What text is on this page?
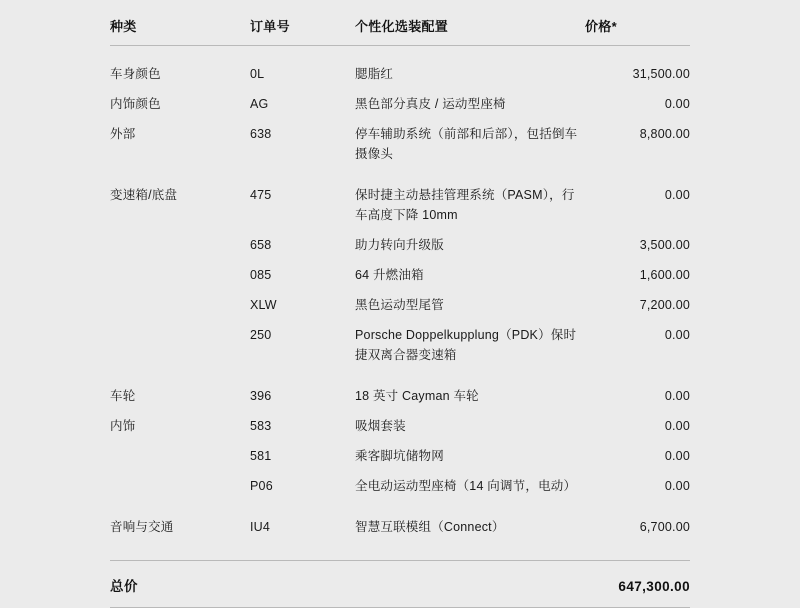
种类	订单号	个性化选装配置	价格*
车身颜色	0L	腮脂红	31,500.00
内饰颜色	AG	黑色部分真皮 / 运动型座椅	0.00
外部	638	停车辅助系统（前部和后部），包括倒车摄像头	8,800.00
变速箱/底盘	475	保时捷主动悬挂管理系统（PASM），行车高度下降 10mm	0.00
	658	助力转向升级版	3,500.00
	085	64 升燃油箱	1,600.00
	XLW	黑色运动型尾管	7,200.00
	250	Porsche Doppelkupplung（PDK）保时捷双离合器变速箱	0.00
车轮	396	18 英寸 Cayman 车轮	0.00
内饰	583	吸烟套装	0.00
	581	乘客脚坑储物网	0.00
	P06	全电动运动型座椅（14 向调节，电动）	0.00
音响与交通	IU4	智慧互联模组（Connect）	6,700.00
总价	647,300.00
